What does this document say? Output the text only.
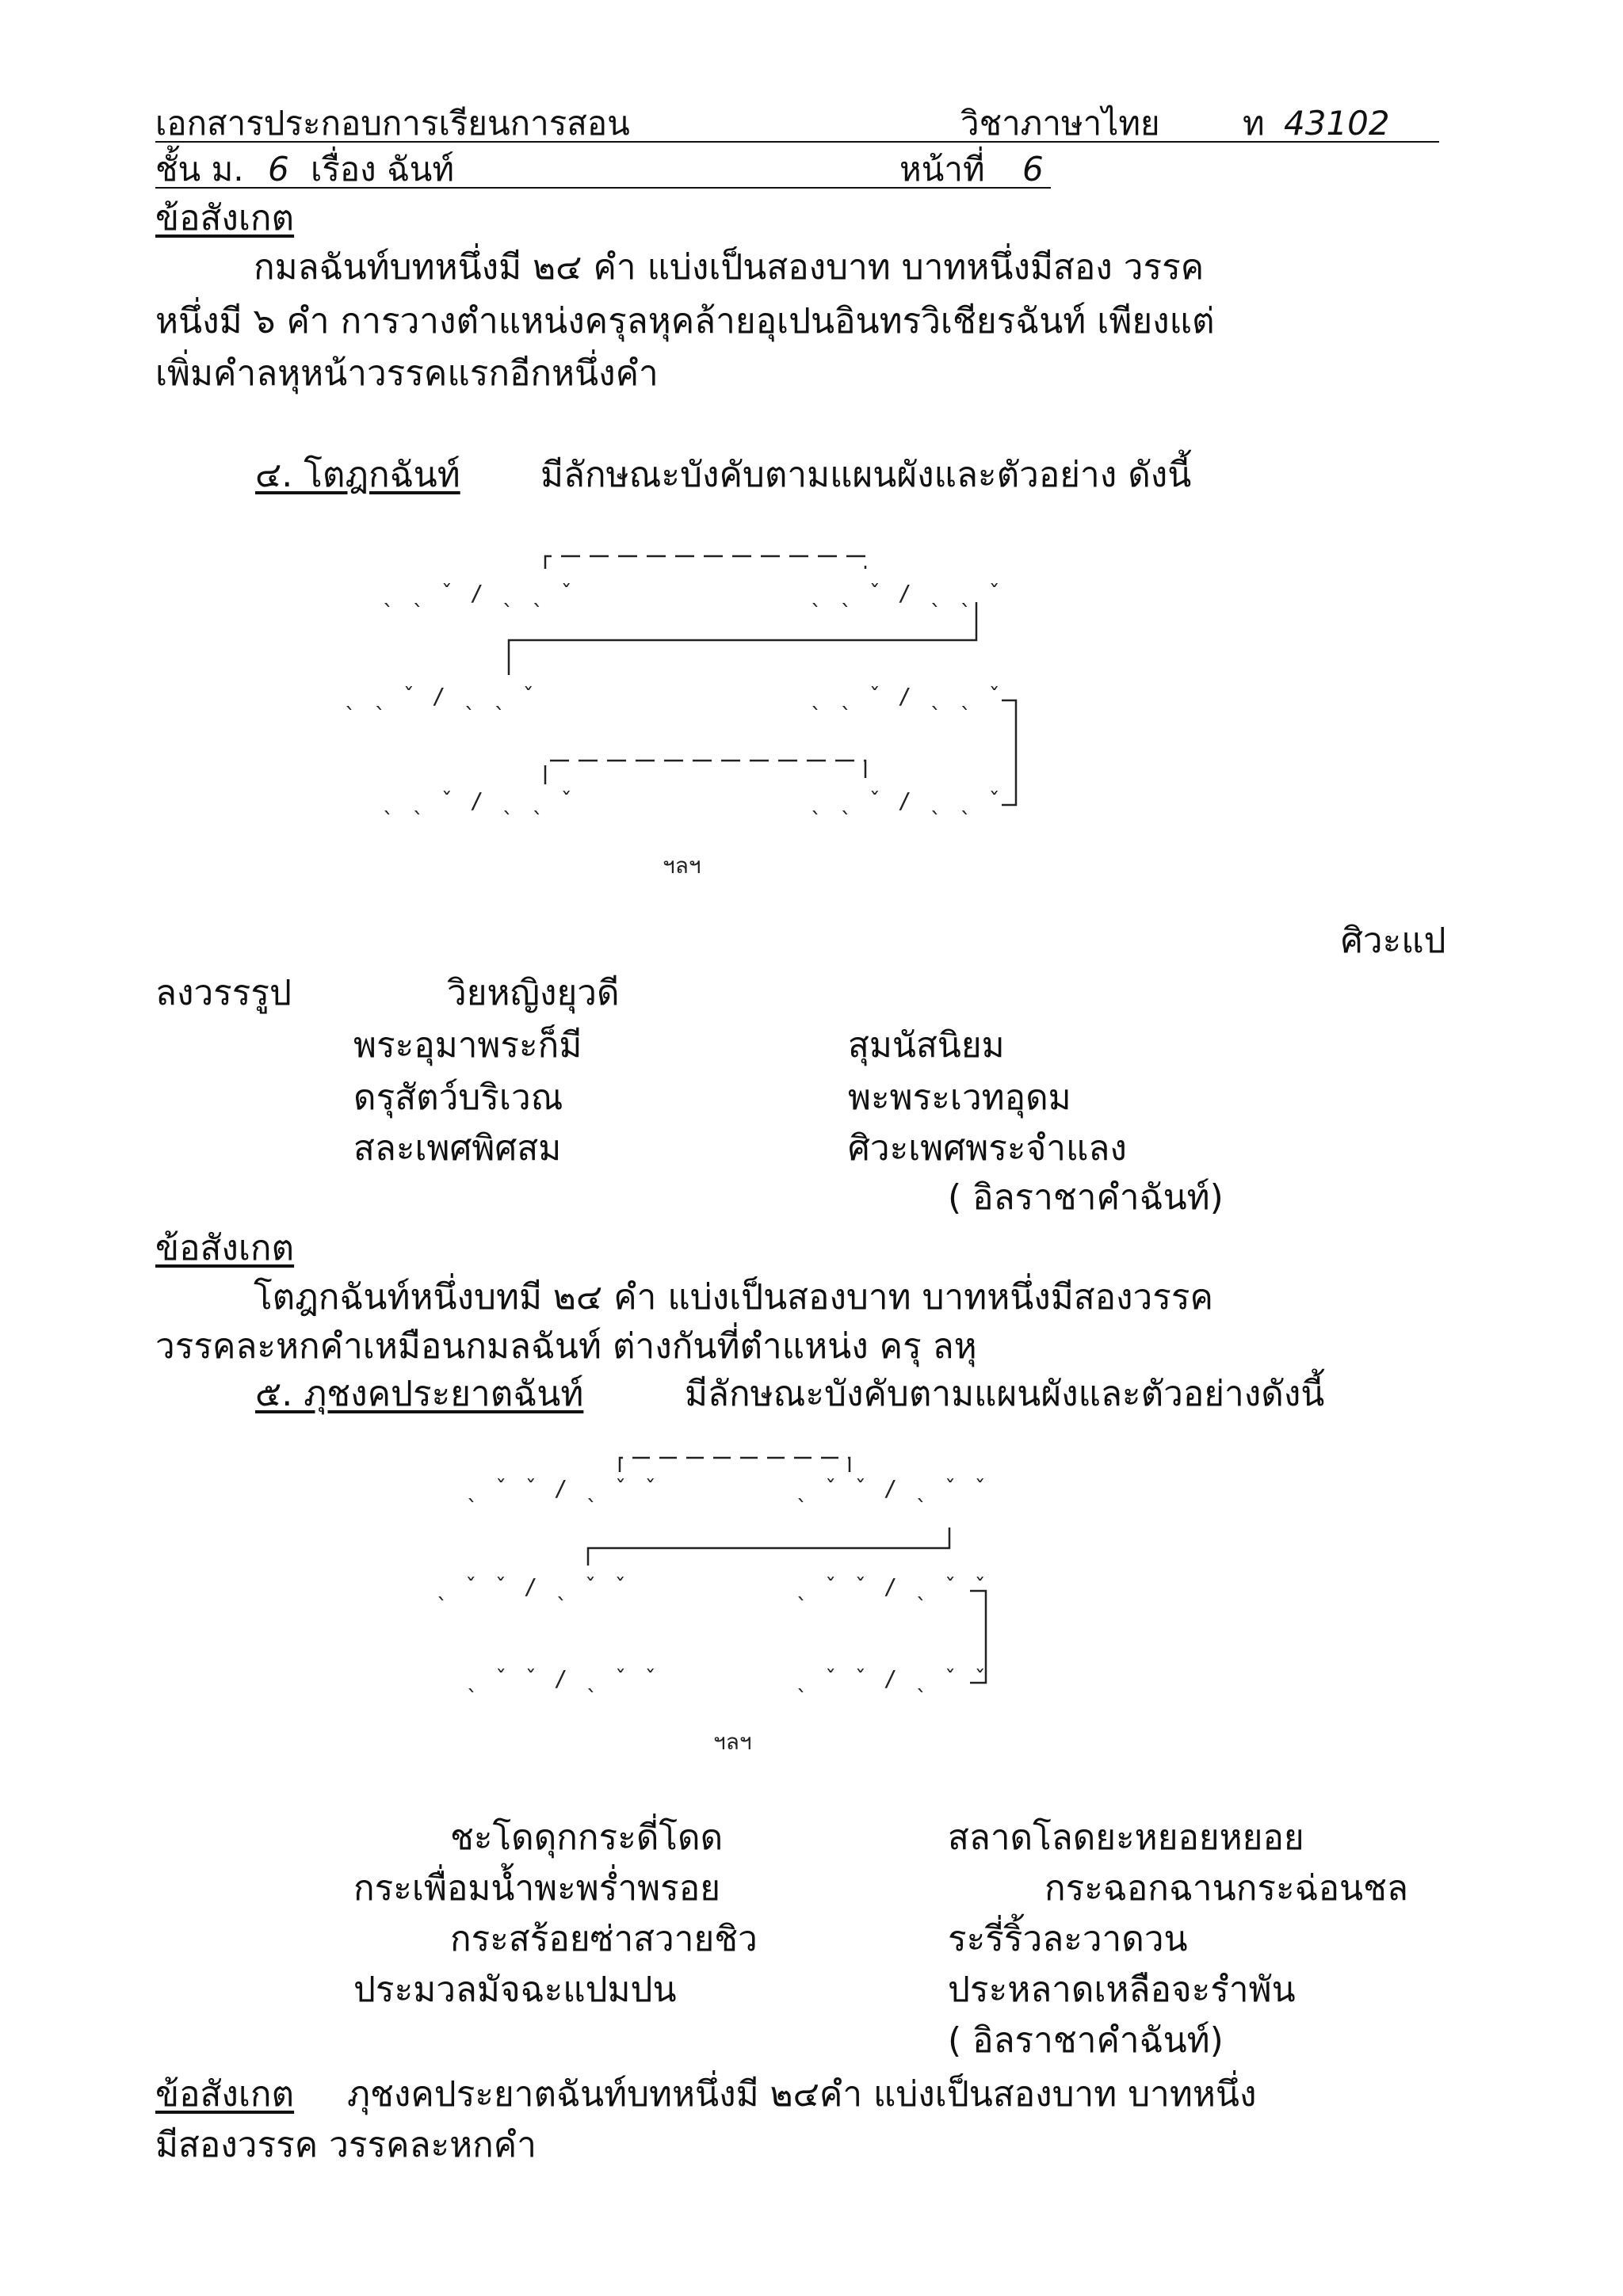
เอกสารประกอบการเรียนการสอน	วิชาภาษาไทย ท 43102
ชั้น ม. 6 เรื่อง ฉันท์	หน้าที่ 6
ข้อสังเกต
กมลฉันท์บทหนึ่งมี ๒๔ คำ แบ่งเป็นสองบาท บาทหนึ่งมีสอง วรรค
หนึ่งมี ๖ คำ การวางตำแหน่งครุลหุคล้ายอุเปนอินทรวิเชียรฉันท์ เพียงแต่
เพิ่มคำลหุหน้าวรรคแรกอีกหนึ่งคำ
๔. โตฎกฉันท์ มีลักษณะบังคับตามแผนผังและตัวอย่าง ดังนี้
ˎ ˎ ˇ / ˎ ˎ ˇ	ˎ ˎ ˇ / ˎ ˎ ˇ
ˎ ˎ ˇ / ˎ ˎ ˇ	ˎ ˎ ˇ / ˎ ˎ ˇ
ˎ ˎ ˇ / ˎ ˎ ˇ	ˎ ˎ ˇ / ˎ ˎ ˇ
ฯลฯ
ˎ ˇ ˇ / ˎ ˇ ˇ	ˎ ˇ ˇ / ˎ ˇ ˇ
ˎ ˇ ˇ / ˎ ˇ ˇ	ˎ ˇ ˇ / ˎ ˇ ˇ
ˎ ˇ ˇ / ˎ ˇ ˇ	ˎ ˇ ˇ / ˎ ˇ ˇ
ฯลฯ
ศิวะแป
ลงวรรรูป	วิยหญิงยุวดี
พระอุมาพระก็มี	สุมนัสนิยม
ดรุสัตว์บริเวณ	พะพระเวทอุดม
สละเพศพิศสม	ศิวะเพศพระจำแลง
( อิลราชาคำฉันท์)
ข้อสังเกต
โตฎกฉันท์หนึ่งบทมี ๒๔ คำ แบ่งเป็นสองบาท บาทหนึ่งมีสองวรรค
วรรคละหกคำเหมือนกมลฉันท์ ต่างกันที่ตำแหน่ง ครุ ลหุ
๕. ภุชงคประยาตฉันท์	มีลักษณะบังคับตามแผนผังและตัวอย่างดังนี้
ชะโดดุกกระดี่โดด	สลาดโลดยะหยอยหยอย
กระเพื่อมน้ำพะพร่ำพรอย	กระฉอกฉานกระฉ่อนชล
กระสร้อยซ่าสวายชิว	ระรี่ริ้วละวาดวน
ประมวลมัจฉะแปมปน	ประหลาดเหลือจะรำพัน
( อิลราชาคำฉันท์)
ข้อสังเกต ภุชงคประยาตฉันท์บทหนึ่งมี ๒๔คำ แบ่งเป็นสองบาท บาทหนึ่ง
มีสองวรรค วรรคละหกคำ
